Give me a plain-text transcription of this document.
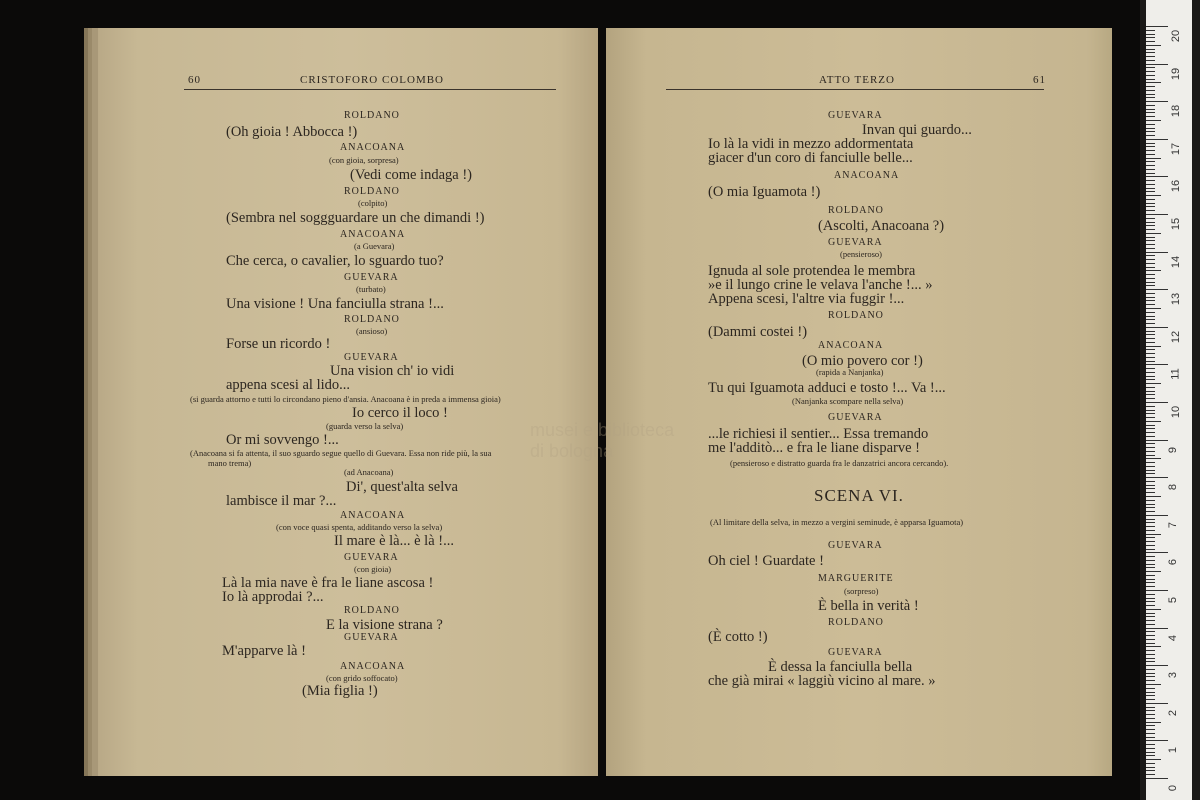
60	CRISTOFORO COLOMBO
ROLDANO
(Oh gioia ! Abbocca !)
ANACOANA
(con gioia, sorpresa)
(Vedi come indaga !)
ROLDANO
(colpito)
(Sembra nel soggguardare un che dimandi !)
ANACOANA
(a Guevara)
Che cerca, o cavalier, lo sguardo tuo?
GUEVARA
(turbato)
Una visione ! Una fanciulla strana !...
ROLDANO
(ansioso)
Forse un ricordo !
GUEVARA
Una vision ch' io vidi
appena scesi al lido...
(si guarda attorno e tutti lo circondano pieno d'ansia. Anacoana è in preda a immensa gioia)
Io cerco il loco !
(guarda verso la selva)
Or mi sovvengo !...
(Anacoana si fa attenta, il suo sguardo segue quello di Guevara. Essa non ride più, la sua
mano trema)
(ad Anacoana)
Di', quest'alta selva
lambisce il mar ?...
ANACOANA
(con voce quasi spenta, additando verso la selva)
Il mare è là... è là !...
GUEVARA
(con gioia)
Là la mia nave è fra le liane ascosa !
Io là approdai ?...
ROLDANO
E la visione strana ?
GUEVARA
M'apparve là !
ANACOANA
(con grido soffocato)
(Mia figlia !)
ATTO TERZO	61
GUEVARA
Invan qui guardo...
Io là la vidi in mezzo addormentata
giacer d'un coro di fanciulle belle...
ANACOANA
(O mia Iguamota !)
ROLDANO
(Ascolti, Anacoana ?)
GUEVARA
(pensieroso)
Ignuda al sole protendea le membra
»e il lungo crine le velava l'anche !... »
Appena scesi, l'altre via fuggir !...
ROLDANO
(Dammi costei !)
ANACOANA
(O mio povero cor !)
(rapida a Nanjanka)
Tu qui Iguamota adduci e tosto !... Va !...
(Nanjanka scompare nella selva)
GUEVARA
...le richiesi il sentier... Essa tremando
me l'additò... e fra le liane disparve !
(pensieroso e distratto guarda fra le danzatrici ancora cercando).
SCENA VI.
(Al limitare della selva, in mezzo a vergini seminude, è apparsa Iguamota)
GUEVARA
Oh ciel ! Guardate !
MARGUERITE
(sorpreso)
È bella in verità !
ROLDANO
(È cotto !)
GUEVARA
È dessa la fanciulla bella
che già mirai « laggiù vicino al mare. »
musei e biblioteca
di bologna
20
19
18
17
16
15
14
13
12
11
10
9
8
7
6
5
4
3
2
1
0
